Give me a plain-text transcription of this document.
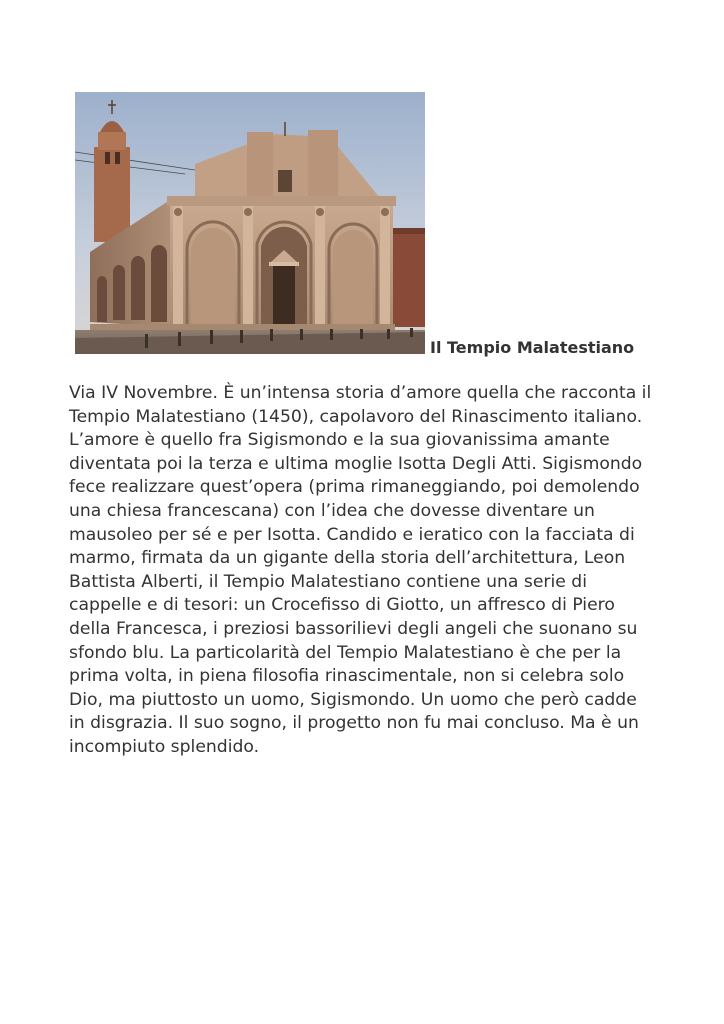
Il Tempio Malatestiano
Via IV Novembre. È un’intensa storia d’amore quella che racconta il
Tempio Malatestiano (1450), capolavoro del Rinascimento italiano.
L’amore è quello fra Sigismondo e la sua giovanissima amante
diventata poi la terza e ultima moglie Isotta Degli Atti. Sigismondo
fece realizzare quest’opera (prima rimaneggiando, poi demolendo
una chiesa francescana) con l’idea che dovesse diventare un
mausoleo per sé e per Isotta. Candido e ieratico con la facciata di
marmo, firmata da un gigante della storia dell’architettura, Leon
Battista Alberti, il Tempio Malatestiano contiene una serie di
cappelle e di tesori: un Crocefisso di Giotto, un affresco di Piero
della Francesca, i preziosi bassorilievi degli angeli che suonano su
sfondo blu. La particolarità del Tempio Malatestiano è che per la
prima volta, in piena filosofia rinascimentale, non si celebra solo
Dio, ma piuttosto un uomo, Sigismondo. Un uomo che però cadde
in disgrazia. Il suo sogno, il progetto non fu mai concluso. Ma è un
incompiuto splendido.
